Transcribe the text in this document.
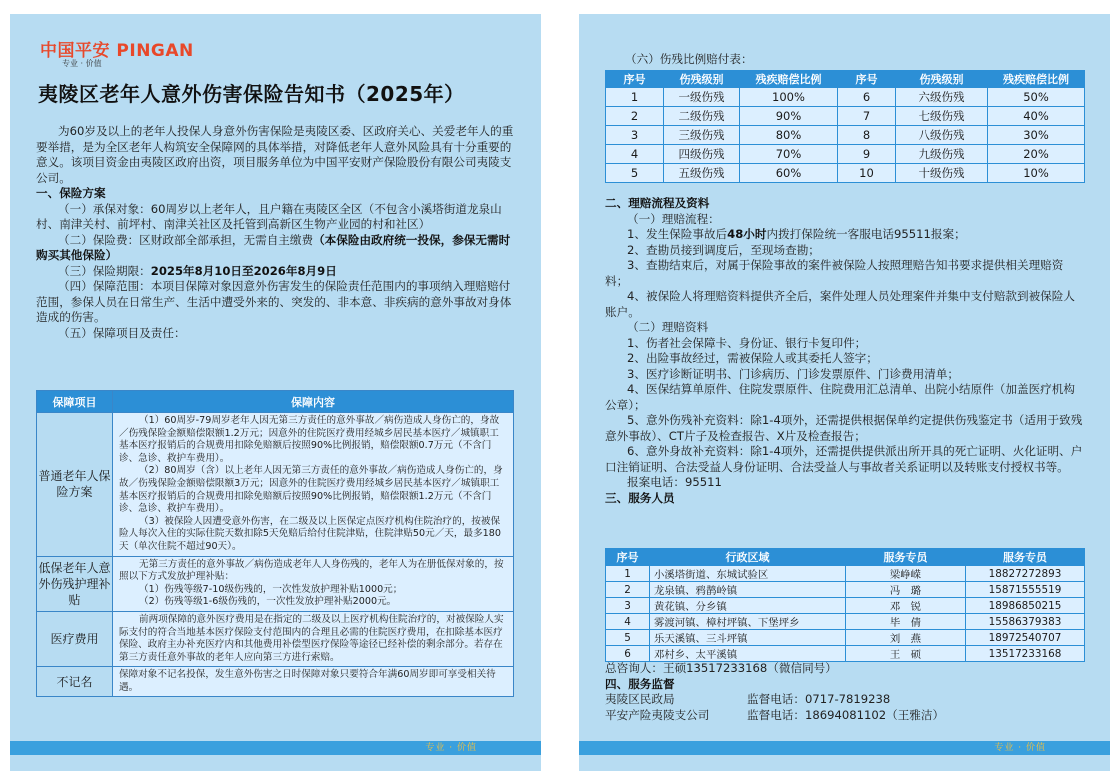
中国平安 PINGAN
专业 · 价值
夷陵区老年人意外伤害保险告知书（2025年）

为60岁及以上的老年人投保人身意外伤害保险是夷陵区委、区政府关心、关爱老年人的重要举措，是为全区老年人构筑安全保障网的具体举措，对降低老年人意外风险具有十分重要的意义。该项目资金由夷陵区政府出资，项目服务单位为中国平安财产保险股份有限公司夷陵支公司。

一、保险方案

（一）承保对象：60周岁以上老年人，且户籍在夷陵区全区（不包含小溪塔街道龙泉山村、南津关村、前坪村、南津关社区及托管到高新区生物产业园的村和社区）

（二）保险费：区财政部全部承担，无需自主缴费（本保险由政府统一投保，参保无需时购买其他保险）

（三）保险期限：2025年8月10日至2026年8月9日

（四）保障范围：本项目保障对象因意外伤害发生的保险责任范围内的事项纳入理赔赔付范围，参保人员在日常生产、生活中遭受外来的、突发的、非本意、非疾病的意外事故对身体造成的伤害。

（五）保障项目及责任：

保障项目	保障内容
普通老年人保险方案	（1）60周岁-79周岁老年人因无第三方责任的意外事故／病伤造成人身伤亡的，身故／伤残保险金额赔偿限额1.2万元；因意外的住院医疗费用经城乡居民基本医疗／城镇职工基本医疗报销后的合规费用扣除免赔额后按照90%比例报销，赔偿限额0.7万元（不含门诊、急诊、救护车费用）。

（2）80周岁（含）以上老年人因无第三方责任的意外事故／病伤造成人身伤亡的，身故／伤残保险金额赔偿限额3万元；因意外的住院医疗费用经城乡居民基本医疗／城镇职工基本医疗报销后的合规费用扣除免赔额后按照90%比例报销，赔偿限额1.2万元（不含门诊、急诊、救护车费用）。

（3）被保险人因遭受意外伤害，在二级及以上医保定点医疗机构住院治疗的，按被保险人每次入住的实际住院天数扣除5天免赔后给付住院津贴，住院津贴50元／天，最多180天（单次住院不超过90天）。

低保老年人意外伤残护理补贴	无第三方责任的意外事故／病伤造成老年人人身伤残的，老年人为在册低保对象的，按照以下方式发放护理补贴：

（1）伤残等级7-10级伤残的，一次性发放护理补贴1000元；

（2）伤残等级1-6级伤残的，一次性发放护理补贴2000元。

医疗费用	前两项保障的意外医疗费用是在指定的二级及以上医疗机构住院治疗的，对被保险人实际支付的符合当地基本医疗保险支付范围内的合理且必需的住院医疗费用，在扣除基本医疗保险、政府主办补充医疗内和其他费用补偿型医疗保险等途径已经补偿的剩余部分。若存在第三方责任意外事故的老年人应向第三方进行索赔。

不记名	保障对象不记名投保，发生意外伤害之日时保障对象只要符合年满60周岁即可享受相关待遇。

专业 · 价值
（六）伤残比例赔付表：
序号	伤残级别	残疾赔偿比例	序号	伤残级别	残疾赔偿比例
1	一级伤残	100%	6	六级伤残	50%
2	二级伤残	90%	7	七级伤残	40%
3	三级伤残	80%	8	八级伤残	30%
4	四级伤残	70%	9	九级伤残	20%
5	五级伤残	60%	10	十级伤残	10%

二、理赔流程及资料

（一）理赔流程：

1、发生保险事故后48小时内拨打保险统一客服电话95511报案；

2、查勘员接到调度后，至现场查勘；

3、查勘结束后，对属于保险事故的案件被保险人按照理赔告知书要求提供相关理赔资料；

4、被保险人将理赔资料提供齐全后，案件处理人员处理案件并集中支付赔款到被保险人账户。

（二）理赔资料

1、伤者社会保障卡、身份证、银行卡复印件；

2、出险事故经过，需被保险人或其委托人签字；

3、医疗诊断证明书、门诊病历、门诊发票原件、门诊费用清单；

4、医保结算单原件、住院发票原件、住院费用汇总清单、出院小结原件（加盖医疗机构公章）；

5、意外伤残补充资料：除1-4项外，还需提供根据保单约定提供伤残鉴定书（适用于致残意外事故）、CT片子及检查报告、X片及检查报告；

6、意外身故补充资料：除1-4项外，还需提供提供派出所开具的死亡证明、火化证明、户口注销证明、合法受益人身份证明、合法受益人与事故者关系证明以及转账支付授权书等。

报案电话：95511

三、服务人员

序号	行政区域	服务专员	服务专员
1	小溪塔街道、东城试验区	梁峥嵘	18827272893
2	龙泉镇、鸦鹊岭镇	冯　璐	15871555519
3	黄花镇、分乡镇	邓　锐	18986850215
4	雾渡河镇、樟村坪镇、下堡坪乡	毕　倩	15586379383
5	乐天溪镇、三斗坪镇	刘　燕	18972540707
6	邓村乡、太平溪镇	王　硕	13517233168

总咨询人：王硕13517233168（微信同号）

四、服务监督

夷陵区民政局	监督电话：0717-7819238

平安产险夷陵支公司	监督电话：18694081102（王雅洁）

专业 · 价值
